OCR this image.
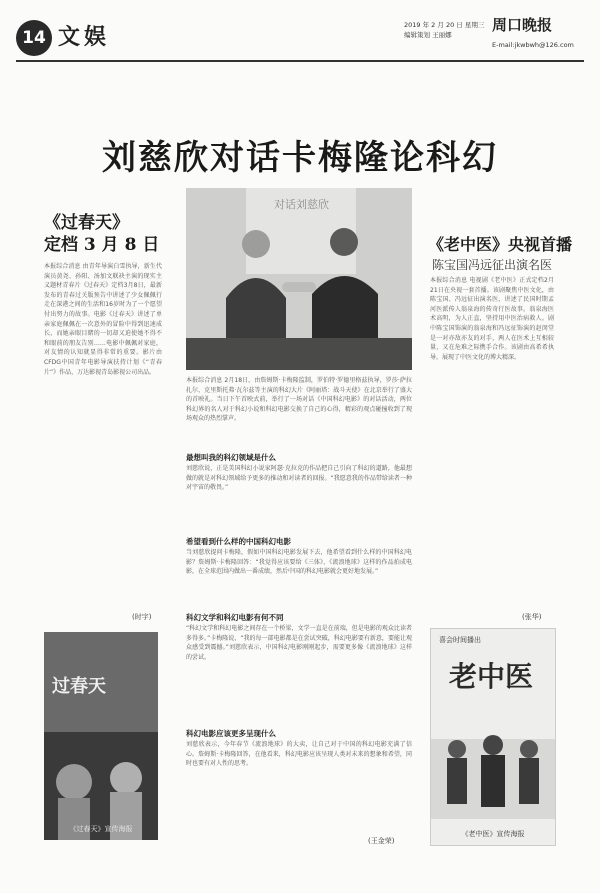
14 文娱	2019 年 2 月 20 日 星期三
编辑策划 王丽娜
E-mail:jkwbwh@126.com
周口晚报
刘慈欣对话卡梅隆论科幻
《过春天》
定档 3 月 8 日
本报综合消息 由青年导演白雪执导，新生代演员黄尧、孙阳、汤加文联袂主演的现实主义题材青春片《过春天》定档3月8日，最新发布的青春过关版预告中讲述了少女佩佩行走在深港之间的生活和16岁时为了一个愿望付出努力的故事。电影《过春天》讲述了单亲家庭佩佩在一次意外的冒险中得到迅速成长，而她亲眼目睹的一切却又迫使她不得不和眼前的朋友告别……电影中佩佩对家庭，对友情的认知就显得非常的重要。影片由CFDG中国青年电影导演扶持计划《“青春片”》作品，万达影视青岛影视公司出品。
(时宇)
过春天
《过春天》宣传海报
对话刘慈欣
本报综合消息 2月18日，由詹姆斯·卡梅隆监制，罗伯特·罗德里格兹执导，罗莎·萨拉扎尔、克里斯托弗·瓦尔兹等主演的科幻大片《阿丽塔：战斗天使》在北京举行了盛大的首映礼。当日下午首映式前，举行了一场对话《中国科幻电影》的对话活动，两位科幻界的名人对于科幻小说和科幻电影交换了自己的心得，精彩的观点碰撞收到了现场观众的热烈掌声。
最想叫我的科幻领域是什么
刘慈欣说，正是美国科幻小说家阿瑟·克拉克的作品把自己引向了科幻的道路，他最想做的就是对科幻领域给予更多的推动和对读者的回报。“我愿意我的作品带给读者一种对宇宙的敬畏。”
希望看到什么样的中国科幻电影
当刘慈欣提问卡梅隆，假如中国科幻电影发展下去，他希望看到什么样的中国科幻电影？詹姆斯·卡梅隆回答：“我觉得应该要给《三体》、《流浪地球》这样的作品拍成电影，在全球范围内做出一番成绩，然后中国的科幻电影就会更好地发展。”
科幻文学和科幻电影有何不同
“科幻文学和科幻电影之间存在一个桥梁，文学一直是在前端，但是电影的观众比读者多得多。”卡梅隆说，“我的每一部电影都是在尝试突破，科幻电影要有新意，要能让观众感受到震撼。”刘慈欣表示，中国科幻电影刚刚起步，需要更多像《流浪地球》这样的尝试。
科幻电影应该更多呈现什么
刘慈欣表示，今年春节《流浪地球》的大卖，让自己对于中国的科幻电影充满了信心。詹姆斯·卡梅隆回答，在他看来，科幻电影应该呈现人类对未来的想象和希望，同时也要有对人性的思考。
(王金荣)
《老中医》央视首播
陈宝国冯远征出演名医
本报综合消息 电视剧《老中医》正式定档2月21日在央视一套首播。该剧聚焦中医文化，由陈宝国、冯远征出演名医，讲述了民国时期孟河医派传人翁泉海的传奇行医故事。翁泉海医术高明，为人正直，坚持用中医治病救人。剧中陈宝国饰演的翁泉海和冯远征饰演的赵闵堂是一对亦敌亦友的对手，两人在医术上互相较量，又在危难之际携手合作。该剧由高希希执导，展现了中医文化的博大精深。
(张华)
喜会时间播出
老中医
《老中医》宣传海报
